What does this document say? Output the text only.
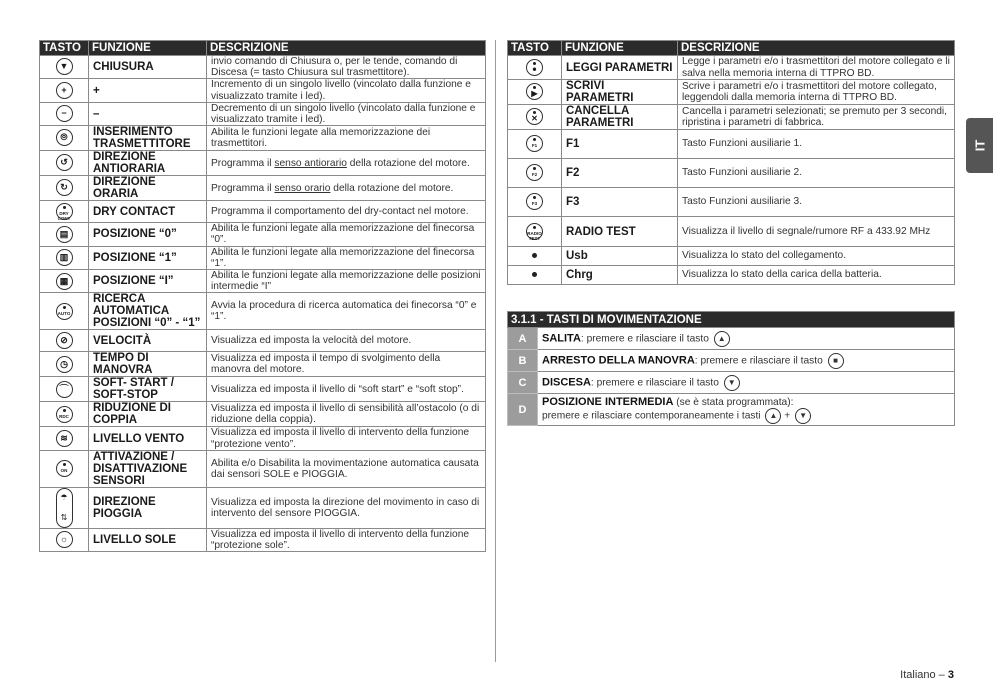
TASTO	FUNZIONE	DESCRIZIONE

▼	CHIUSURA	invio comando di Chiusura o, per le tende, comando di Discesa (= tasto Chiusura sul trasmettitore).

+	+	Incremento di un singolo livello (vincolato dalla funzione e visualizzato tramite i led).

−	–	Decremento di un singolo livello (vincolato dalla funzione e visualizzato tramite i led).

⦾	INSERIMENTO TRASMETTITORE	Abilita le funzioni legate alla memorizzazione dei trasmettitori.

↺	DIREZIONE ANTIORARIA	Programma il senso antiorario della rotazione del motore.

↻	DIREZIONE ORARIA	Programma il senso orario della rotazione del motore.

DRY CONT	DRY CONTACT	Programma il comportamento del dry-contact nel motore.

▤	POSIZIONE “0”	Abilita le funzioni legate alla memorizzazione del finecorsa “0”.

▥	POSIZIONE “1”	Abilita le funzioni legate alla memorizzazione del finecorsa “1”.

▦	POSIZIONE “I”	Abilita le funzioni legate alla memorizzazione delle posizioni intermedie “I”

AUTO	RICERCA AUTOMATICA POSIZIONI “0” - “1”	Avvia la procedura di ricerca automatica dei finecorsa “0” e “1”.

⊘	VELOCITÀ	Visualizza ed imposta la velocità del motore.

◷	TEMPO DI MANOVRA	Visualizza ed imposta il tempo di svolgimento della manovra del motore.

⌒	SOFT- START / SOFT-STOP	Visualizza ed imposta il livello di “soft start” e “soft stop”.

RDC	RIDUZIONE DI COPPIA	Visualizza ed imposta il livello di sensibilità all’ostacolo (o di riduzione della coppia).

≋	LIVELLO VENTO	Visualizza ed imposta il livello di intervento della funzione “protezione vento”.

ON	ATTIVAZIONE / DISATTIVAZIONE SENSORI	Abilita e/o Disabilita la movimentazione automatica causata dai sensori SOLE e PIOGGIA.

☂
⇅	DIREZIONE PIOGGIA	Visualizza ed imposta la direzione del movimento in caso di intervento del sensore PIOGGIA.

☼	LIVELLO SOLE	Visualizza ed imposta il livello di intervento della funzione “protezione sole”.
TASTO	FUNZIONE	DESCRIZIONE

•	LEGGI PARAMETRI	Legge i parametri e/o i trasmettitori del motore collegato e li salva nella memoria interna di TTPRO BD.

▶	SCRIVI PARAMETRI	Scrive i parametri e/o i trasmettitori del motore collegato, leggendoli dalla memoria interna di TTPRO BD.

✕	CANCELLA PARAMETRI	Cancella i parametri selezionati; se premuto per 3 secondi, ripristina i parametri di fabbrica.

F1	F1	Tasto Funzioni ausiliarie 1.

F2	F2	Tasto Funzioni ausiliarie 2.

F3	F3	Tasto Funzioni ausiliarie 3.

RADIO TEST	RADIO TEST	Visualizza il livello di segnale/rumore RF a 433.92 MHz
	Usb	Visualizza lo stato del collegamento.
	Chrg	Visualizza lo stato della carica della batteria.
3.1.1 - TASTI DI MOVIMENTAZIONE	
A	SALITA: premere e rilasciare il tasto ▲

B	ARRESTO DELLA MANOVRA: premere e rilasciare il tasto ■

C	DISCESA: premere e rilasciare il tasto ▼

D	POSIZIONE INTERMEDIA (se è stata programmata):
premere e rilasciare contemporaneamente i tasti ▲ + ▼
IT
Italiano – 3
